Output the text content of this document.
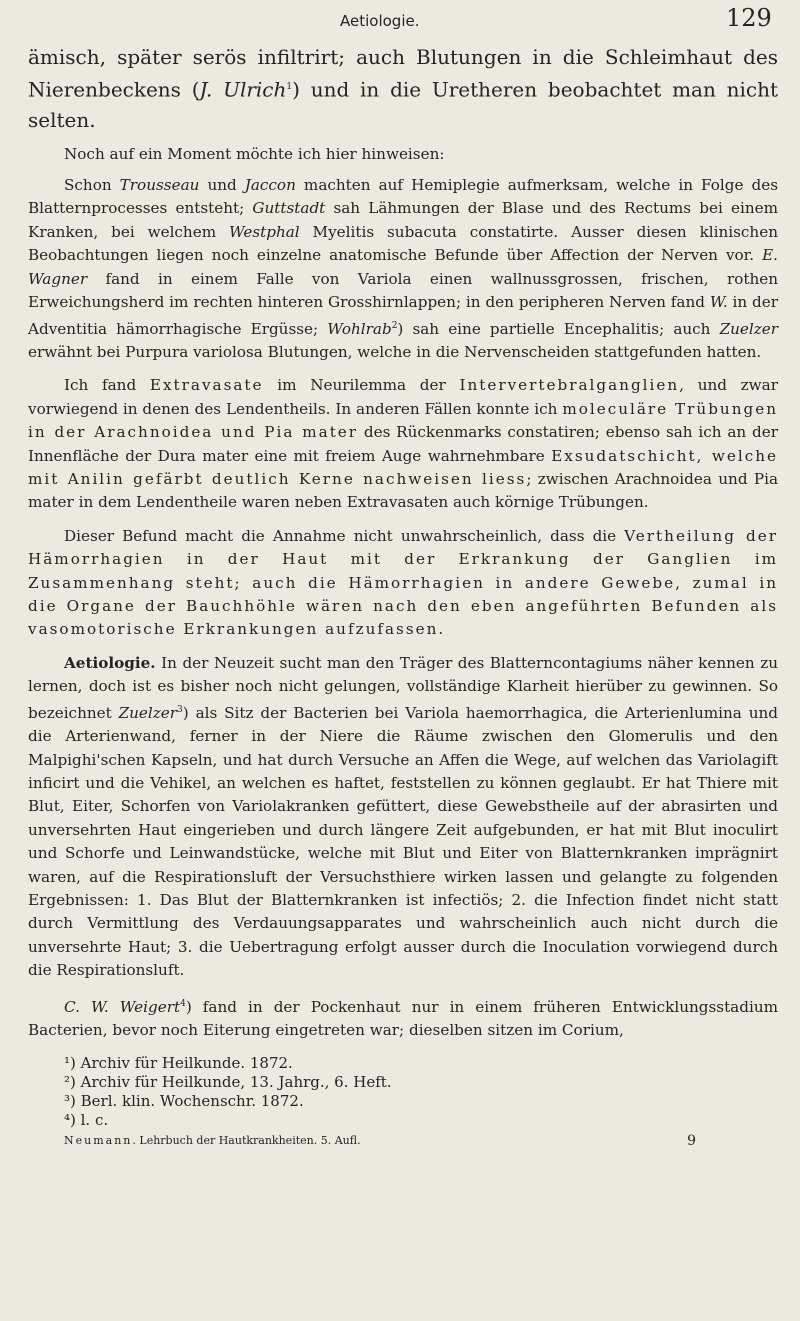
Aetiologie.	129

ämisch, später serös infiltrirt; auch Blutungen in die Schleimhaut des Nierenbeckens (J. Ulrich$^1$) und in die Uretheren beobachtet man nicht selten.

Noch auf ein Moment möchte ich hier hinweisen:

Schon Trousseau und Jaccon machten auf Hemiplegie aufmerksam, welche in Folge des Blatternprocesses entsteht; Guttstadt sah Lähmungen der Blase und des Rectums bei einem Kranken, bei welchem Westphal Myelitis subacuta constatirte. Ausser diesen klinischen Beobachtungen liegen noch einzelne anatomische Befunde über Affection der Nerven vor. E. Wagner fand in einem Falle von Variola einen wallnussgrossen, frischen, rothen Erweichungsherd im rechten hinteren Grosshirnlappen; in den peripheren Nerven fand W. in der Adventitia hämorrhagische Ergüsse; Wohlrab$^2$) sah eine partielle Encephalitis; auch Zuelzer erwähnt bei Purpura variolosa Blutungen, welche in die Nervenscheiden stattgefunden hatten.

Ich fand Extravasate im Neurilemma der Intervertebralganglien, und zwar vorwiegend in denen des Lendentheils. In anderen Fällen konnte ich moleculäre Trübungen in der Arachnoidea und Pia mater des Rückenmarks constatiren; ebenso sah ich an der Innenfläche der Dura mater eine mit freiem Auge wahrnehmbare Exsudatschicht, welche mit Anilin gefärbt deutlich Kerne nachweisen liess; zwischen Arachnoidea und Pia mater in dem Lendentheile waren neben Extravasaten auch körnige Trübungen.

Dieser Befund macht die Annahme nicht unwahrscheinlich, dass die Vertheilung der Hämorrhagien in der Haut mit der Erkrankung der Ganglien im Zusammenhang steht; auch die Hämorrhagien in andere Gewebe, zumal in die Organe der Bauchhöhle wären nach den eben angeführten Befunden als vasomotorische Erkrankungen aufzufassen.

Aetiologie. In der Neuzeit sucht man den Träger des Blatterncontagiums näher kennen zu lernen, doch ist es bisher noch nicht gelungen, vollständige Klarheit hierüber zu gewinnen. So bezeichnet Zuelzer$^3$) als Sitz der Bacterien bei Variola haemorrhagica, die Arterienlumina und die Arterienwand, ferner in der Niere die Räume zwischen den Glomerulis und den Malpighi'schen Kapseln, und hat durch Versuche an Affen die Wege, auf welchen das Variolagift inficirt und die Vehikel, an welchen es haftet, feststellen zu können geglaubt. Er hat Thiere mit Blut, Eiter, Schorfen von Variolakranken gefüttert, diese Gewebstheile auf der abrasirten und unversehrten Haut eingerieben und durch längere Zeit aufgebunden, er hat mit Blut inoculirt und Schorfe und Leinwandstücke, welche mit Blut und Eiter von Blatternkranken imprägnirt waren, auf die Respirationsluft der Versuchsthiere wirken lassen und gelangte zu folgenden Ergebnissen: 1. Das Blut der Blatternkranken ist infectiös; 2. die Infection findet nicht statt durch Vermittlung des Verdauungsapparates und wahrscheinlich auch nicht durch die unversehrte Haut; 3. die Uebertragung erfolgt ausser durch die Inoculation vorwiegend durch die Respirationsluft.

C. W. Weigert$^4$) fand in der Pockenhaut nur in einem früheren Entwicklungsstadium Bacterien, bevor noch Eiterung eingetreten war; dieselben sitzen im Corium,

¹) Archiv für Heilkunde. 1872.

²) Archiv für Heilkunde, 13. Jahrg., 6. Heft.

³) Berl. klin. Wochenschr. 1872.

⁴) l. c.

Neumann. Lehrbuch der Hautkrankheiten. 5. Aufl.	9
